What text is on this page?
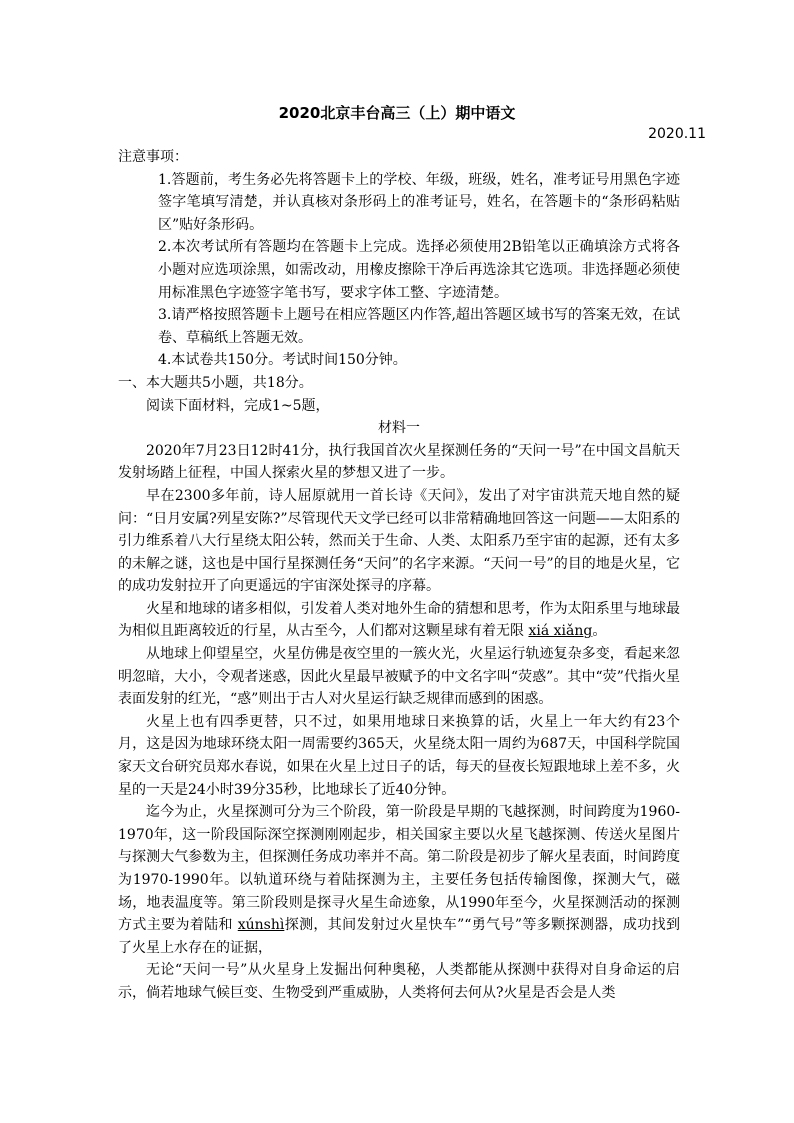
2020北京丰台高三（上）期中语文
2020.11

注意事项：

1.答题前，考生务必先将答题卡上的学校、年级，班级，姓名，准考证号用黑色字迹签字笔填写清楚，并认真核对条形码上的准考证号，姓名，在答题卡的“条形码粘贴区”贴好条形码。

2.本次考试所有答题均在答题卡上完成。选择必须使用2B铅笔以正确填涂方式将各小题对应选项涂黑，如需改动，用橡皮擦除干净后再选涂其它选项。非选择题必须使用标准黑色字迹签字笔书写，要求字体工整、字迹清楚。

3.请严格按照答题卡上题号在相应答题区内作答,超出答题区域书写的答案无效，在试卷、草稿纸上答题无效。

4.本试卷共150分。考试时间150分钟。

一、本大题共5小题，共18分。

阅读下面材料，完成1~5题，

材料一

2020年7月23日12时41分，执行我国首次火星探测任务的“天问一号”在中国文昌航天发射场踏上征程，中国人探索火星的梦想又进了一步。

早在2300多年前，诗人屈原就用一首长诗《天问》，发出了对宇宙洪荒天地自然的疑问：“日月安属?列星安陈?”尽管现代天文学已经可以非常精确地回答这一问题——太阳系的引力维系着八大行星绕太阳公转，然而关于生命、人类、太阳系乃至宇宙的起源，还有太多的未解之谜，这也是中国行星探测任务“天问”的名字来源。“天问一号”的目的地是火星，它的成功发射拉开了向更遥远的宇宙深处探寻的序幕。

火星和地球的诸多相似，引发着人类对地外生命的猜想和思考，作为太阳系里与地球最为相似且距离较近的行星，从古至今，人们都对这颗星球有着无限 xiá xiǎng。

从地球上仰望星空，火星仿佛是夜空里的一簇火光，火星运行轨迹复杂多变，看起来忽明忽暗，大小，令观者迷惑，因此火星最早被赋予的中文名字叫“荧惑”。其中“荧”代指火星表面发射的红光，“惑”则出于古人对火星运行缺乏规律而感到的困惑。

火星上也有四季更替，只不过，如果用地球日来换算的话，火星上一年大约有23个月，这是因为地球环绕太阳一周需要约365天，火星绕太阳一周约为687天，中国科学院国家天文台研究员郑水春说，如果在火星上过日子的话，每天的昼夜长短跟地球上差不多，火星的一天是24小时39分35秒，比地球长了近40分钟。

迄今为止，火星探测可分为三个阶段，第一阶段是早期的飞越探测，时间跨度为1960-1970年，这一阶段国际深空探测刚刚起步，相关国家主要以火星飞越探测、传送火星图片与探测大气参数为主，但探测任务成功率并不高。第二阶段是初步了解火星表面，时间跨度为1970-1990年。以轨道环绕与着陆探测为主，主要任务包括传输图像，探测大气，磁场，地表温度等。第三阶段则是探寻火星生命迹象，从1990年至今，火星探测活动的探测方式主要为着陆和 xúnshì探测，其间发射过火星快车”“勇气号”等多颗探测器，成功找到了火星上水存在的证据，

无论“天问一号”从火星身上发掘出何种奥秘，人类都能从探测中获得对自身命运的启示，倘若地球气候巨变、生物受到严重威胁，人类将何去何从?火星是否会是人类
